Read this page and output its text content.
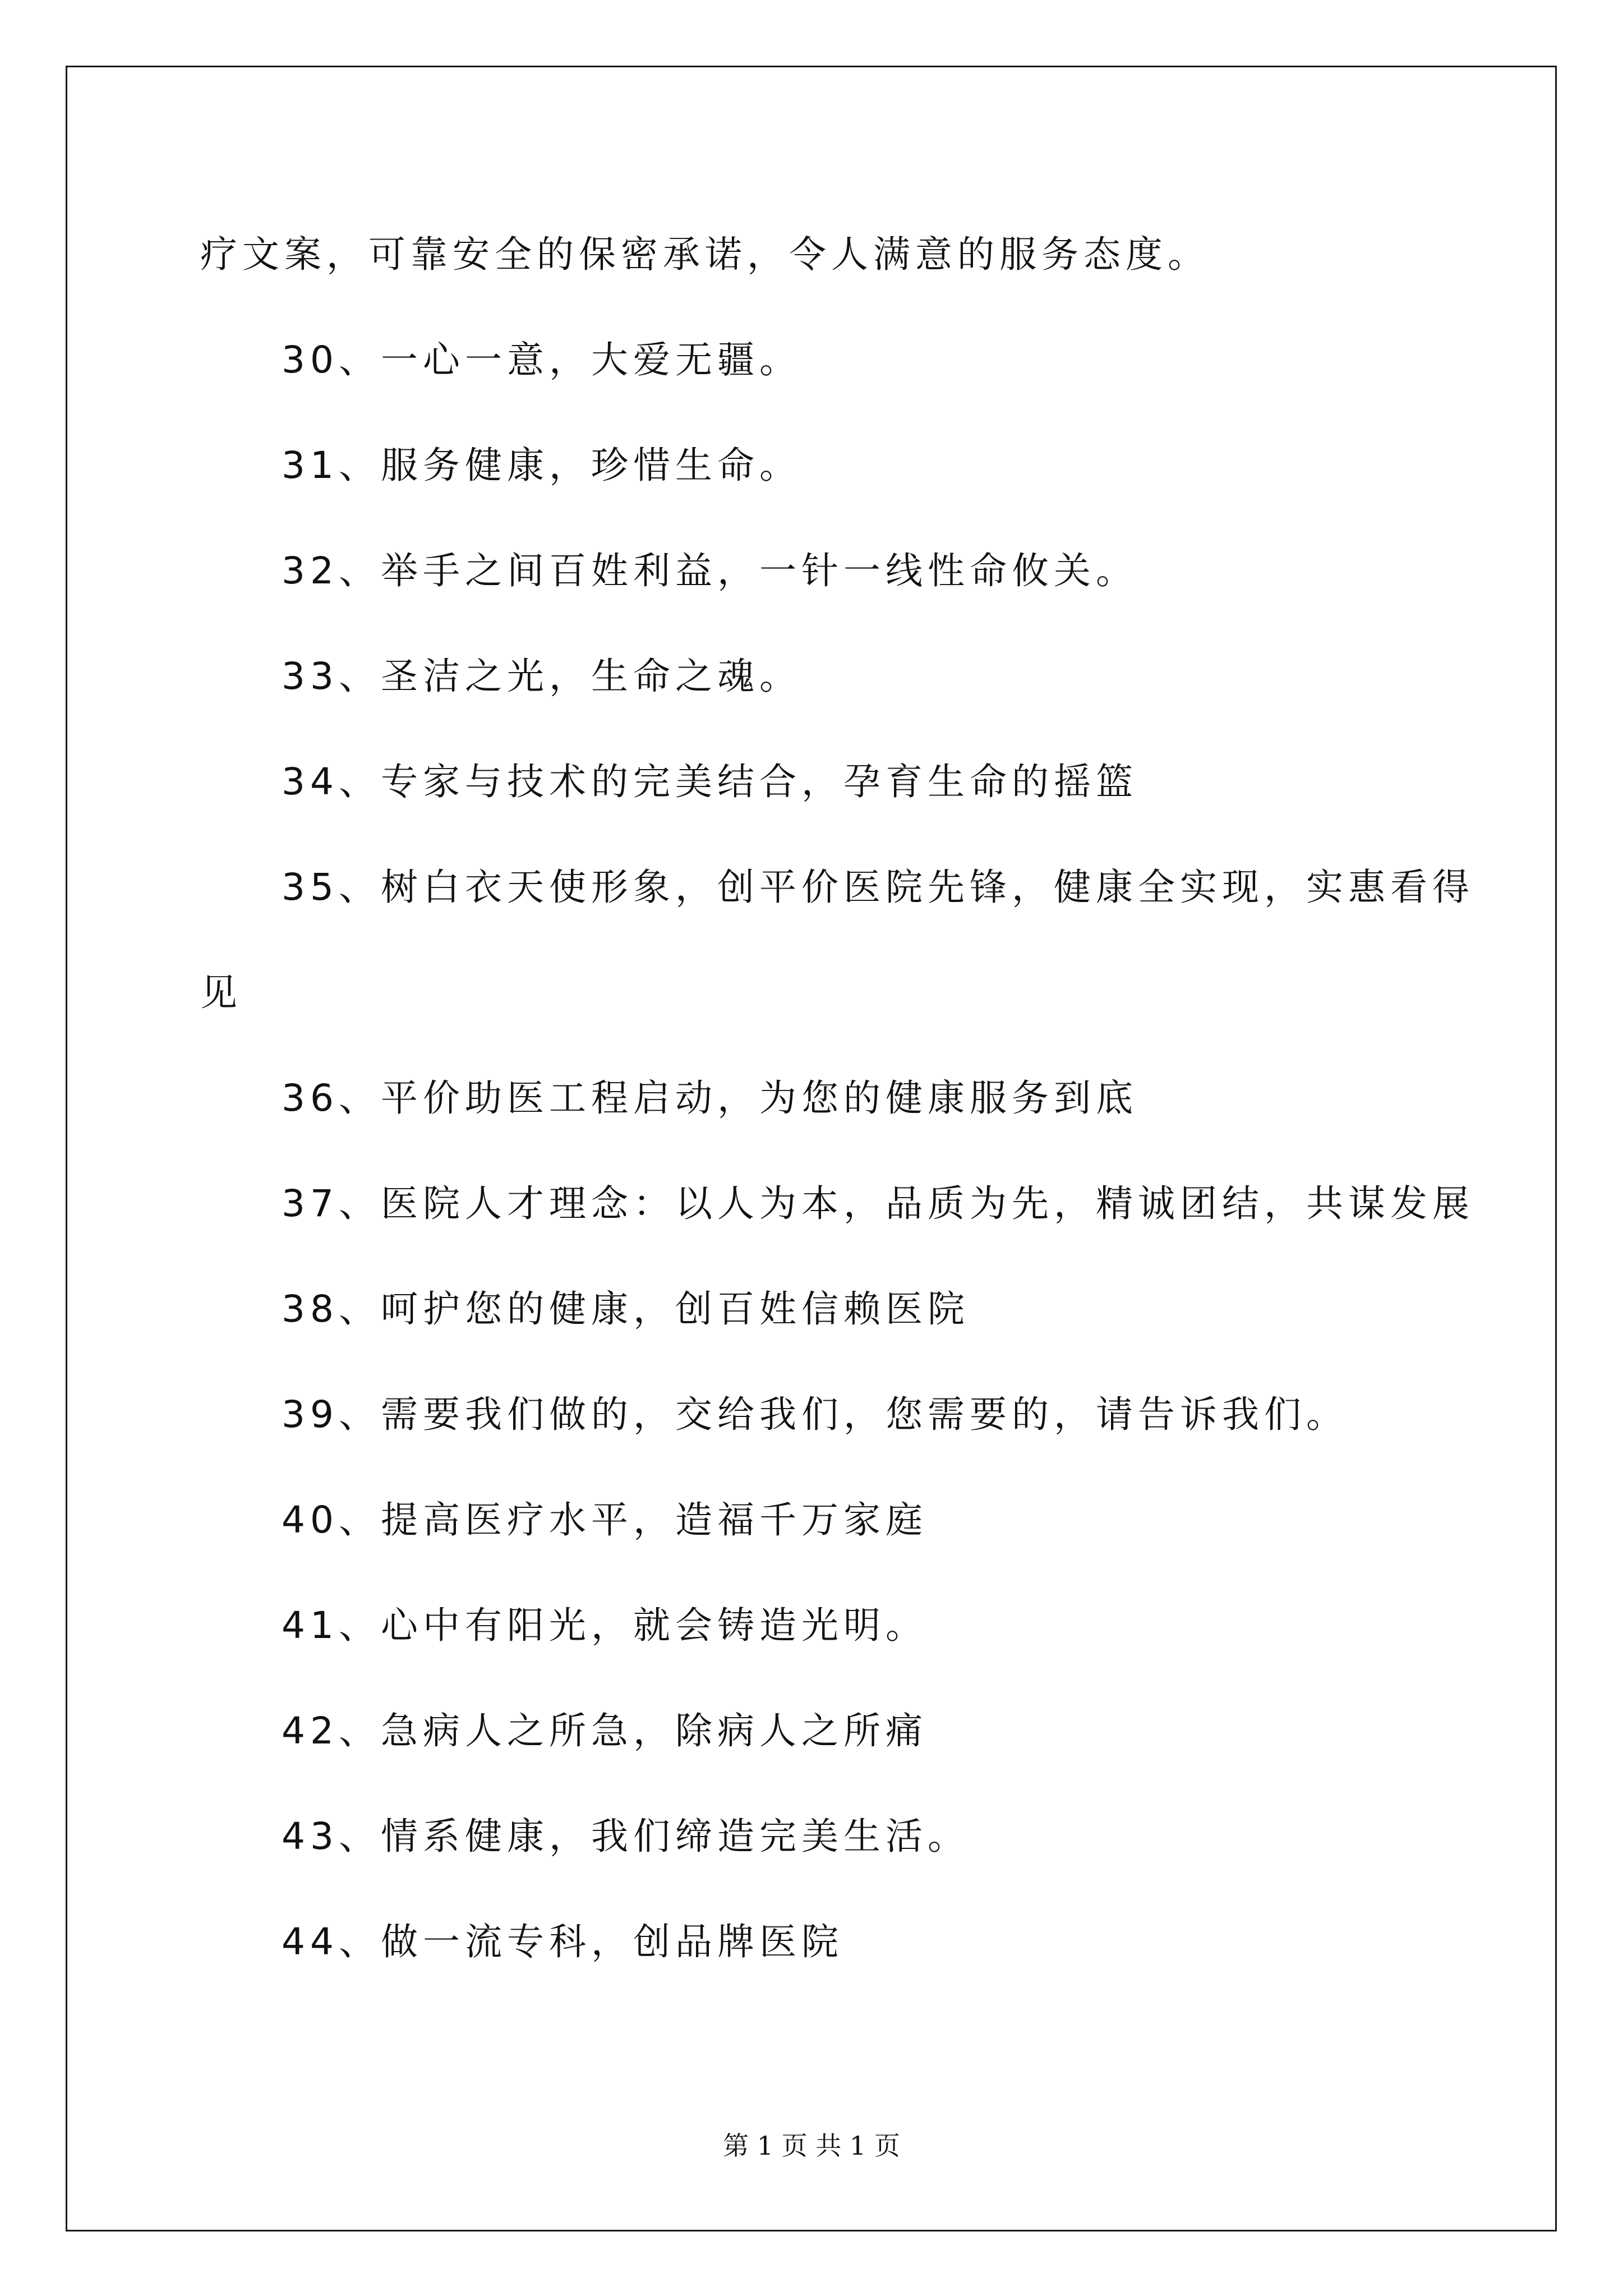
疗文案，可靠安全的保密承诺，令人满意的服务态度。
30、一心一意，大爱无疆。
31、服务健康，珍惜生命。
32、举手之间百姓利益，一针一线性命攸关。
33、圣洁之光，生命之魂。
34、专家与技术的完美结合，孕育生命的摇篮
35、树白衣天使形象，创平价医院先锋，健康全实现，实惠看得
见
36、平价助医工程启动，为您的健康服务到底
37、医院人才理念：以人为本，品质为先，精诚团结，共谋发展
38、呵护您的健康，创百姓信赖医院
39、需要我们做的，交给我们，您需要的，请告诉我们。
40、提高医疗水平，造福千万家庭
41、心中有阳光，就会铸造光明。
42、急病人之所急，除病人之所痛
43、情系健康，我们缔造完美生活。
44、做一流专科，创品牌医院
第 1 页 共 1 页
